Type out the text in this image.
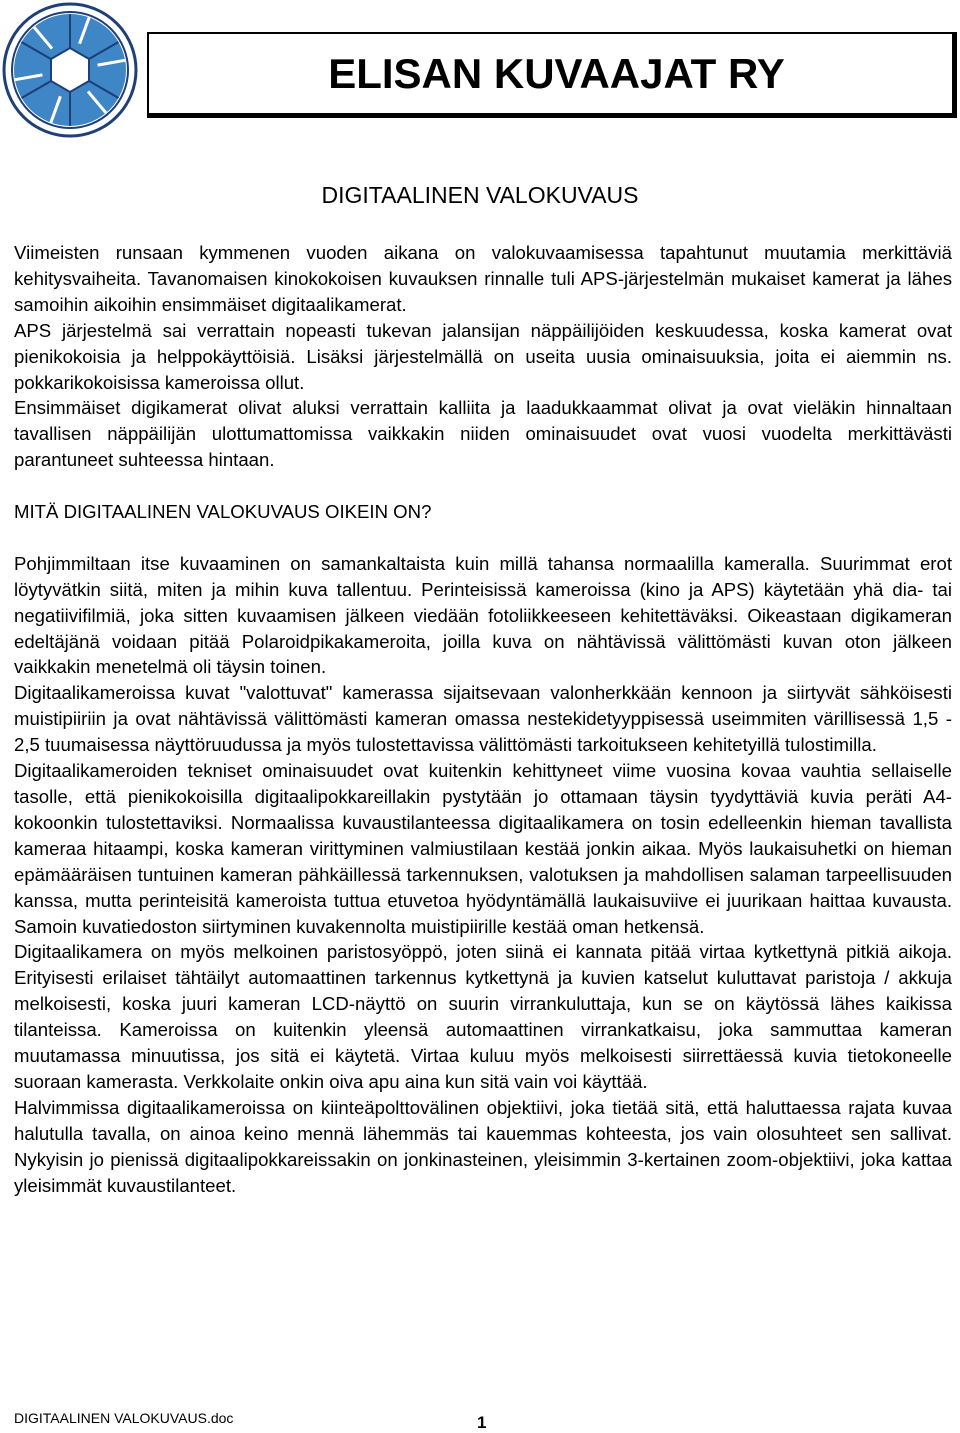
ELISAN KUVAAJAT RY
DIGITAALINEN VALOKUVAUS

Viimeisten runsaan kymmenen vuoden aikana on valokuvaamisessa tapahtunut muutamia merkittäviä kehitysvaiheita. Tavanomaisen kinokokoisen kuvauksen rinnalle tuli APS-järjestelmän mukaiset kamerat ja lähes samoihin aikoihin ensimmäiset digitaalikamerat.

APS järjestelmä sai verrattain nopeasti tukevan jalansijan näppäilijöiden keskuudessa, koska kamerat ovat pienikokoisia ja helppokäyttöisiä. Lisäksi järjestelmällä on useita uusia ominaisuuksia, joita ei aiemmin ns. pokkarikokoisissa kameroissa ollut.

Ensimmäiset digikamerat olivat aluksi verrattain kalliita ja laadukkaammat olivat ja ovat vieläkin hinnaltaan tavallisen näppäilijän ulottumattomissa vaikkakin niiden ominaisuudet ovat vuosi vuodelta merkittävästi parantuneet suhteessa hintaan.

MITÄ DIGITAALINEN VALOKUVAUS OIKEIN ON?

Pohjimmiltaan itse kuvaaminen on samankaltaista kuin millä tahansa normaalilla kameralla. Suurimmat erot löytyvätkin siitä, miten ja mihin kuva tallentuu. Perinteisissä kameroissa (kino ja APS) käytetään yhä dia- tai negatiivifilmiä, joka sitten kuvaamisen jälkeen viedään fotoliikkeeseen kehitettäväksi. Oikeastaan digikameran edeltäjänä voidaan pitää Polaroidpikakameroita, joilla kuva on nähtävissä välittömästi kuvan oton jälkeen vaikkakin menetelmä oli täysin toinen.

Digitaalikameroissa kuvat "valottuvat" kamerassa sijaitsevaan valonherkkään kennoon ja siirtyvät sähköisesti muistipiiriin ja ovat nähtävissä välittömästi kameran omassa nestekidetyyppisessä useimmiten värillisessä 1,5 - 2,5 tuumaisessa näyttöruudussa ja myös tulostettavissa välittömästi tarkoitukseen kehitetyillä tulostimilla.

Digitaalikameroiden tekniset ominaisuudet ovat kuitenkin kehittyneet viime vuosina kovaa vauhtia sellaiselle tasolle, että pienikokoisilla digitaalipokkareillakin pystytään jo ottamaan täysin tyydyttäviä kuvia peräti A4-kokoonkin tulostettaviksi. Normaalissa kuvaustilanteessa digitaalikamera on tosin edelleenkin hieman tavallista kameraa hitaampi, koska kameran virittyminen valmiustilaan kestää jonkin aikaa. Myös laukaisuhetki on hieman epämääräisen tuntuinen kameran pähkäillessä tarkennuksen, valotuksen ja mahdollisen salaman tarpeellisuuden kanssa, mutta perinteisitä kameroista tuttua etuvetoa hyödyntämällä laukaisuviive ei juurikaan haittaa kuvausta. Samoin kuvatiedoston siirtyminen kuvakennolta muistipiirille kestää oman hetkensä.

Digitaalikamera on myös melkoinen paristosyöppö, joten siinä ei kannata pitää virtaa kytkettynä pitkiä aikoja. Erityisesti erilaiset tähtäilyt automaattinen tarkennus kytkettynä ja kuvien katselut kuluttavat paristoja / akkuja melkoisesti, koska juuri kameran LCD-näyttö on suurin virrankuluttaja, kun se on käytössä lähes kaikissa tilanteissa. Kameroissa on kuitenkin yleensä automaattinen virrankatkaisu, joka sammuttaa kameran muutamassa minuutissa, jos sitä ei käytetä. Virtaa kuluu myös melkoisesti siirrettäessä kuvia tietokoneelle suoraan kamerasta. Verkkolaite onkin oiva apu aina kun sitä vain voi käyttää.

Halvimmissa digitaalikameroissa on kiinteäpolttovälinen objektiivi, joka tietää sitä, että haluttaessa rajata kuvaa halutulla tavalla, on ainoa keino mennä lähemmäs tai kauemmas kohteesta, jos vain olosuhteet sen sallivat. Nykyisin jo pienissä digitaalipokkareissakin on jonkinasteinen, yleisimmin 3-kertainen zoom-objektiivi, joka kattaa yleisimmät kuvaustilanteet.

DIGITAALINEN VALOKUVAUS.doc	1
